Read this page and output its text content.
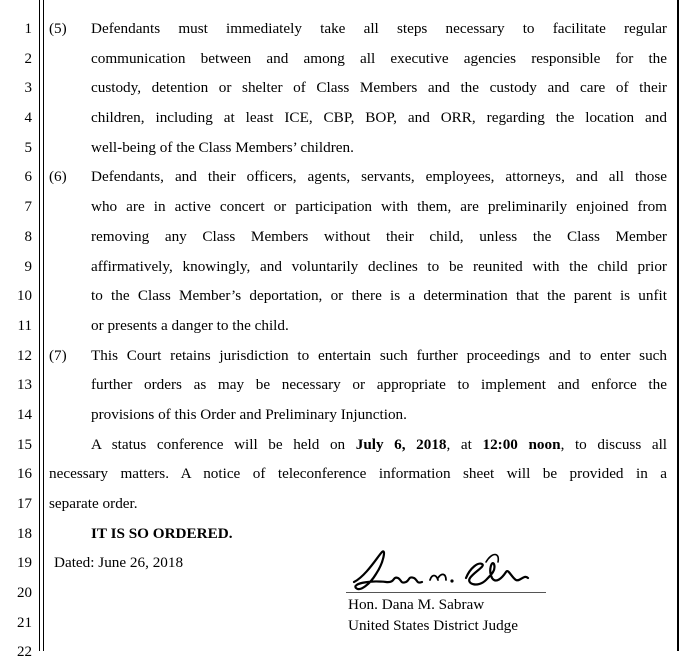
1
2
3
4
5
6
7
8
9
10
11
12
13
14
15
16
17
18
19
20
21
22
(5) Defendants must immediately take all steps necessary to facilitate regular
communication between and among all executive agencies responsible for the
custody, detention or shelter of Class Members and the custody and care of their
children, including at least ICE, CBP, BOP, and ORR, regarding the location and
well-being of the Class Members’ children.
(6) Defendants, and their officers, agents, servants, employees, attorneys, and all those
who are in active concert or participation with them, are preliminarily enjoined from
removing any Class Members without their child, unless the Class Member
affirmatively, knowingly, and voluntarily declines to be reunited with the child prior
to the Class Member’s deportation, or there is a determination that the parent is unfit
or presents a danger to the child.
(7) This Court retains jurisdiction to entertain such further proceedings and to enter such
further orders as may be necessary or appropriate to implement and enforce the
provisions of this Order and Preliminary Injunction.
A status conference will be held on July 6, 2018, at 12:00 noon, to discuss all
necessary matters. A notice of teleconference information sheet will be provided in a
separate order.
IT IS SO ORDERED.
Dated: June 26, 2018
Hon. Dana M. Sabraw
United States District Judge
